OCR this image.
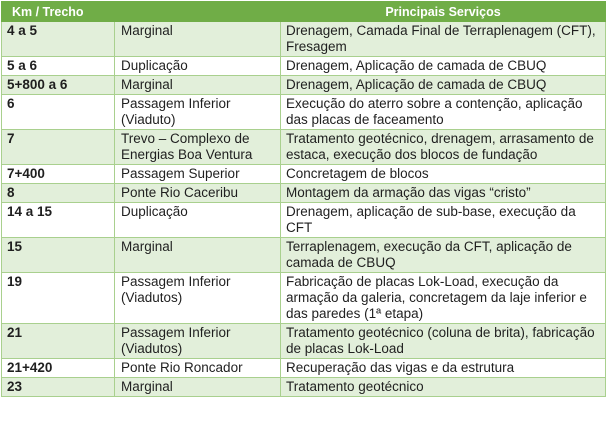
Km / Trecho		Principais Serviços
4 a 5	Marginal	Drenagem, Camada Final de Terraplenagem (CFT), Fresagem
5 a 6	Duplicação	Drenagem, Aplicação de camada de CBUQ
5+800 a 6	Marginal	Drenagem, Aplicação de camada de CBUQ
6	Passagem Inferior (Viaduto)	Execução do aterro sobre a contenção, aplicação das placas de faceamento
7	Trevo – Complexo de Energias Boa Ventura	Tratamento geotécnico, drenagem, arrasamento de estaca, execução dos blocos de fundação
7+400	Passagem Superior	Concretagem de blocos
8	Ponte Rio Caceribu	Montagem da armação das vigas “cristo”
14 a 15	Duplicação	Drenagem, aplicação de sub-base, execução da CFT
15	Marginal	Terraplenagem, execução da CFT, aplicação de camada de CBUQ
19	Passagem Inferior (Viadutos)	Fabricação de placas Lok-Load, execução da armação da galeria, concretagem da laje inferior e das paredes (1ª etapa)
21	Passagem Inferior (Viadutos)	Tratamento geotécnico (coluna de brita), fabricação de placas Lok-Load
21+420	Ponte Rio Roncador	Recuperação das vigas e da estrutura
23	Marginal	Tratamento geotécnico
